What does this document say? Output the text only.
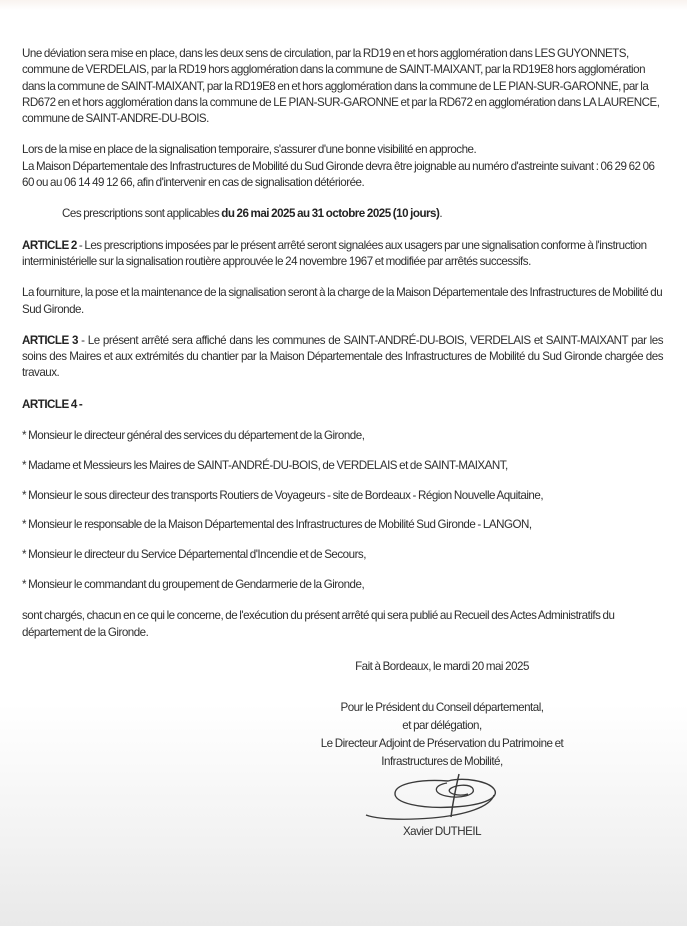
Une déviation sera mise en place, dans les deux sens de circulation, par la RD19 en et hors agglomération dans LES GUYONNETS, commune de VERDELAIS, par la RD19 hors agglomération dans la commune de SAINT-MAIXANT, par la RD19E8 hors agglomération dans la commune de SAINT-MAIXANT, par la RD19E8 en et hors agglomération dans la commune de LE PIAN-SUR-GARONNE, par la RD672 en et hors agglomération dans la commune de LE PIAN-SUR-GARONNE et par la RD672 en agglomération dans LA LAURENCE, commune de SAINT-ANDRE-DU-BOIS.

Lors de la mise en place de la signalisation temporaire, s'assurer d'une bonne visibilité en approche.
La Maison Départementale des Infrastructures de Mobilité du Sud Gironde devra être joignable au numéro d'astreinte suivant : 06 29 62 06 60 ou au 06 14 49 12 66, afin d'intervenir en cas de signalisation détériorée.

Ces prescriptions sont applicables du 26 mai 2025 au 31 octobre 2025 (10 jours).

ARTICLE 2 - Les prescriptions imposées par le présent arrêté seront signalées aux usagers par une signalisation conforme à l'instruction interministérielle sur la signalisation routière approuvée le 24 novembre 1967 et modifiée par arrêtés successifs.

La fourniture, la pose et la maintenance de la signalisation seront à la charge de la Maison Départementale des Infrastructures de Mobilité du Sud Gironde.

ARTICLE 3 - Le présent arrêté sera affiché dans les communes de SAINT-ANDRÉ-DU-BOIS, VERDELAIS et SAINT-MAIXANT par les soins des Maires et aux extrémités du chantier par la Maison Départementale des Infrastructures de Mobilité du Sud Gironde chargée des travaux.

ARTICLE 4 -

* Monsieur le directeur général des services du département de la Gironde,

* Madame et Messieurs les Maires de SAINT-ANDRÉ-DU-BOIS, de VERDELAIS et de SAINT-MAIXANT,

* Monsieur le sous directeur des transports Routiers de Voyageurs - site de Bordeaux - Région Nouvelle Aquitaine,

* Monsieur le responsable de la Maison Départemental des Infrastructures de Mobilité Sud Gironde - LANGON,

* Monsieur le directeur du Service Départemental d'Incendie et de Secours,

* Monsieur le commandant du groupement de Gendarmerie de la Gironde,

sont chargés, chacun en ce qui le concerne, de l'exécution du présent arrêté qui sera publié au Recueil des Actes Administratifs du département de la Gironde.

Fait à Bordeaux, le mardi 20 mai 2025

Pour le Président du Conseil départemental,
et par délégation,
Le Directeur Adjoint de Préservation du Patrimoine et
Infrastructures de Mobilité,

Xavier DUTHEIL
